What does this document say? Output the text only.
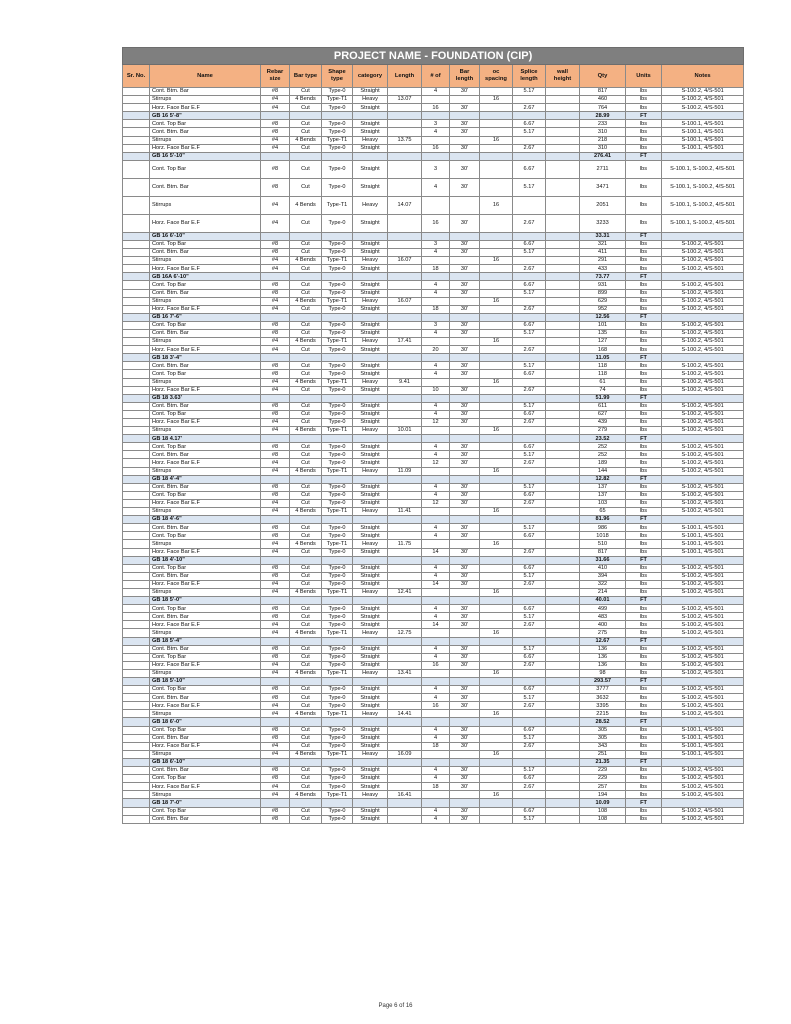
PROJECT NAME - FOUNDATION (CIP)														
Sr. No.	Name	Rebar size	Bar type	Shape type	category	Length	# of	Bar length	oc spacing	Splice length	wall height	Qty	Units	Notes
	Cont. Btm. Bar	#8	Cut	Type-0	Straight		4	30'		5.17		817	lbs	S-100.2, 4/S-501
	Stirrups	#4	4 Bends	Type-T1	Heavy	13.07			16			460	lbs	S-100.2, 4/S-501
	Horz. Face Bar E.F	#4	Cut	Type-0	Straight		16	30'		2.67		764	lbs	S-100.2, 4/S-501
	GB 16 5'-8"											28.99	FT	
	Cont. Top Bar	#8	Cut	Type-0	Straight		3	30'		6.67		233	lbs	S-100.1, 4/S-501
	Cont. Btm. Bar	#8	Cut	Type-0	Straight		4	30'		5.17		310	lbs	S-100.1, 4/S-501
	Stirrups	#4	4 Bends	Type-T1	Heavy	13.75			16			218	lbs	S-100.1, 4/S-501
	Horz. Face Bar E.F	#4	Cut	Type-0	Straight		16	30'		2.67		310	lbs	S-100.1, 4/S-501
	GB 16 5'-10"											276.41	FT	
	Cont. Top Bar	#8	Cut	Type-0	Straight		3	30'		6.67		2711	lbs	S-100.1, S-100.2, 4/S-501
	Cont. Btm. Bar	#8	Cut	Type-0	Straight		4	30'		5.17		3471	lbs	S-100.1, S-100.2, 4/S-501
	Stirrups	#4	4 Bends	Type-T1	Heavy	14.07			16			2051	lbs	S-100.1, S-100.2, 4/S-501
	Horz. Face Bar E.F	#4	Cut	Type-0	Straight		16	30'		2.67		3233	lbs	S-100.1, S-100.2, 4/S-501
	GB 16 6'-10"											33.31	FT	
	Cont. Top Bar	#8	Cut	Type-0	Straight		3	30'		6.67		321	lbs	S-100.2, 4/S-501
	Cont. Btm. Bar	#8	Cut	Type-0	Straight		4	30'		5.17		411	lbs	S-100.2, 4/S-501
	Stirrups	#4	4 Bends	Type-T1	Heavy	16.07			16			291	lbs	S-100.2, 4/S-501
	Horz. Face Bar E.F	#4	Cut	Type-0	Straight		18	30'		2.67		433	lbs	S-100.2, 4/S-501
	GB 16A 6'-10"											73.77	FT	
	Cont. Top Bar	#8	Cut	Type-0	Straight		4	30'		6.67		931	lbs	S-100.2, 4/S-501
	Cont. Btm. Bar	#8	Cut	Type-0	Straight		4	30'		5.17		899	lbs	S-100.2, 4/S-501
	Stirrups	#4	4 Bends	Type-T1	Heavy	16.07			16			629	lbs	S-100.2, 4/S-501
	Horz. Face Bar E.F	#4	Cut	Type-0	Straight		18	30'		2.67		952	lbs	S-100.2, 4/S-501
	GB 16 7'-6"											12.56	FT	
	Cont. Top Bar	#8	Cut	Type-0	Straight		3	30'		6.67		101	lbs	S-100.2, 4/S-501
	Cont. Btm. Bar	#8	Cut	Type-0	Straight		4	30'		5.17		135	lbs	S-100.2, 4/S-501
	Stirrups	#4	4 Bends	Type-T1	Heavy	17.41			16			127	lbs	S-100.2, 4/S-501
	Horz. Face Bar E.F	#4	Cut	Type-0	Straight		20	30'		2.67		168	lbs	S-100.2, 4/S-501
	GB 18 3'-4"											11.05	FT	
	Cont. Btm. Bar	#8	Cut	Type-0	Straight		4	30'		5.17		118	lbs	S-100.2, 4/S-501
	Cont. Top Bar	#8	Cut	Type-0	Straight		4	30'		6.67		118	lbs	S-100.2, 4/S-501
	Stirrups	#4	4 Bends	Type-T1	Heavy	9.41			16			61	lbs	S-100.2, 4/S-501
	Horz. Face Bar E.F	#4	Cut	Type-0	Straight		10	30'		2.67		74	lbs	S-100.2, 4/S-501
	GB 18 3.63'											51.99	FT	
	Cont. Btm. Bar	#8	Cut	Type-0	Straight		4	30'		5.17		611	lbs	S-100.2, 4/S-501
	Cont. Top Bar	#8	Cut	Type-0	Straight		4	30'		6.67		627	lbs	S-100.2, 4/S-501
	Horz. Face Bar E.F	#4	Cut	Type-0	Straight		12	30'		2.67		439	lbs	S-100.2, 4/S-501
	Stirrups	#4	4 Bends	Type-T1	Heavy	10.01			16			279	lbs	S-100.2, 4/S-501
	GB 18 4.17'											23.52	FT	
	Cont. Top Bar	#8	Cut	Type-0	Straight		4	30'		6.67		252	lbs	S-100.2, 4/S-501
	Cont. Btm. Bar	#8	Cut	Type-0	Straight		4	30'		5.17		252	lbs	S-100.2, 4/S-501
	Horz. Face Bar E.F	#4	Cut	Type-0	Straight		12	30'		2.67		189	lbs	S-100.2, 4/S-501
	Stirrups	#4	4 Bends	Type-T1	Heavy	11.09			16			144	lbs	S-100.2, 4/S-501
	GB 18 4'-4"											12.82	FT	
	Cont. Btm. Bar	#8	Cut	Type-0	Straight		4	30'		5.17		137	lbs	S-100.2, 4/S-501
	Cont. Top Bar	#8	Cut	Type-0	Straight		4	30'		6.67		137	lbs	S-100.2, 4/S-501
	Horz. Face Bar E.F	#4	Cut	Type-0	Straight		12	30'		2.67		103	lbs	S-100.2, 4/S-501
	Stirrups	#4	4 Bends	Type-T1	Heavy	11.41			16			65	lbs	S-100.2, 4/S-501
	GB 18 4'-6"											81.96	FT	
	Cont. Btm. Bar	#8	Cut	Type-0	Straight		4	30'		5.17		986	lbs	S-100.1, 4/S-501
	Cont. Top Bar	#8	Cut	Type-0	Straight		4	30'		6.67		1018	lbs	S-100.1, 4/S-501
	Stirrups	#4	4 Bends	Type-T1	Heavy	11.75			16			510	lbs	S-100.1, 4/S-501
	Horz. Face Bar E.F	#4	Cut	Type-0	Straight		14	30'		2.67		817	lbs	S-100.1, 4/S-501
	GB 18 4'-10"											31.66	FT	
	Cont. Top Bar	#8	Cut	Type-0	Straight		4	30'		6.67		410	lbs	S-100.2, 4/S-501
	Cont. Btm. Bar	#8	Cut	Type-0	Straight		4	30'		5.17		394	lbs	S-100.2, 4/S-501
	Horz. Face Bar E.F	#4	Cut	Type-0	Straight		14	30'		2.67		322	lbs	S-100.2, 4/S-501
	Stirrups	#4	4 Bends	Type-T1	Heavy	12.41			16			214	lbs	S-100.2, 4/S-501
	GB 18 5'-0"											40.01	FT	
	Cont. Top Bar	#8	Cut	Type-0	Straight		4	30'		6.67		499	lbs	S-100.2, 4/S-501
	Cont. Btm. Bar	#8	Cut	Type-0	Straight		4	30'		5.17		483	lbs	S-100.2, 4/S-501
	Horz. Face Bar E.F	#4	Cut	Type-0	Straight		14	30'		2.67		400	lbs	S-100.2, 4/S-501
	Stirrups	#4	4 Bends	Type-T1	Heavy	12.75			16			275	lbs	S-100.2, 4/S-501
	GB 18 5'-4"											12.67	FT	
	Cont. Btm. Bar	#8	Cut	Type-0	Straight		4	30'		5.17		136	lbs	S-100.2, 4/S-501
	Cont. Top Bar	#8	Cut	Type-0	Straight		4	30'		6.67		136	lbs	S-100.2, 4/S-501
	Horz. Face Bar E.F	#4	Cut	Type-0	Straight		16	30'		2.67		136	lbs	S-100.2, 4/S-501
	Stirrups	#4	4 Bends	Type-T1	Heavy	13.41			16			98	lbs	S-100.2, 4/S-501
	GB 18 5'-10"											293.57	FT	
	Cont. Top Bar	#8	Cut	Type-0	Straight		4	30'		6.67		3777	lbs	S-100.2, 4/S-501
	Cont. Btm. Bar	#8	Cut	Type-0	Straight		4	30'		5.17		3632	lbs	S-100.2, 4/S-501
	Horz. Face Bar E.F	#4	Cut	Type-0	Straight		16	30'		2.67		3395	lbs	S-100.2, 4/S-501
	Stirrups	#4	4 Bends	Type-T1	Heavy	14.41			16			2215	lbs	S-100.2, 4/S-501
	GB 18 6'-0"											28.52	FT	
	Cont. Top Bar	#8	Cut	Type-0	Straight		4	30'		6.67		305	lbs	S-100.1, 4/S-501
	Cont. Btm. Bar	#8	Cut	Type-0	Straight		4	30'		5.17		305	lbs	S-100.1, 4/S-501
	Horz. Face Bar E.F	#4	Cut	Type-0	Straight		18	30'		2.67		343	lbs	S-100.1, 4/S-501
	Stirrups	#4	4 Bends	Type-T1	Heavy	16.09			16			251	lbs	S-100.1, 4/S-501
	GB 18 6'-10"											21.35	FT	
	Cont. Btm. Bar	#8	Cut	Type-0	Straight		4	30'		5.17		229	lbs	S-100.2, 4/S-501
	Cont. Top Bar	#8	Cut	Type-0	Straight		4	30'		6.67		229	lbs	S-100.2, 4/S-501
	Horz. Face Bar E.F	#4	Cut	Type-0	Straight		18	30'		2.67		257	lbs	S-100.2, 4/S-501
	Stirrups	#4	4 Bends	Type-T1	Heavy	16.41			16			194	lbs	S-100.2, 4/S-501
	GB 18 7'-0"											10.09	FT	
	Cont. Top Bar	#8	Cut	Type-0	Straight		4	30'		6.67		108	lbs	S-100.2, 4/S-501
	Cont. Btm. Bar	#8	Cut	Type-0	Straight		4	30'		5.17		108	lbs	S-100.2, 4/S-501
Page 6 of 16
